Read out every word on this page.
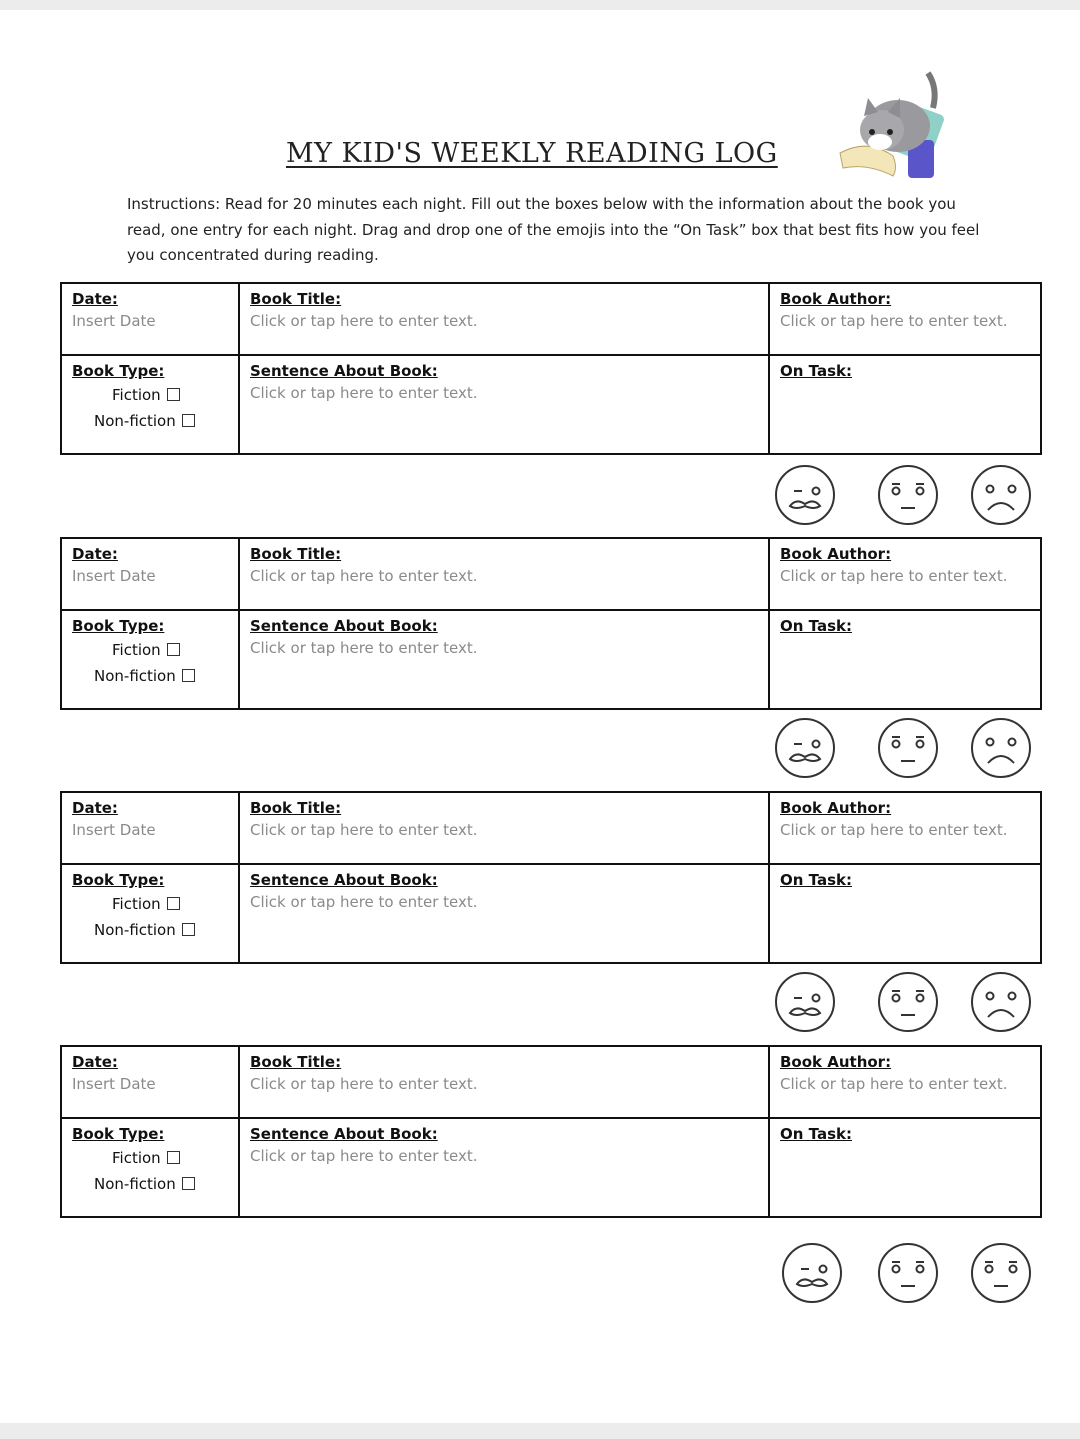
MY KID'S WEEKLY READING LOG
Instructions: Read for 20 minutes each night. Fill out the boxes below with the information about the book you read, one entry for each night. Drag and drop one of the emojis into the “On Task” box that best fits how you feel you concentrated during reading.
Date:
Insert Date
Book Title:
Click or tap here to enter text.
Book Author:
Click or tap here to enter text.
Book Type:
Fiction
Non-fiction
Sentence About Book:
Click or tap here to enter text.
On Task:
Date:
Insert Date
Book Title:
Click or tap here to enter text.
Book Author:
Click or tap here to enter text.
Book Type:
Fiction
Non-fiction
Sentence About Book:
Click or tap here to enter text.
On Task:
Date:
Insert Date
Book Title:
Click or tap here to enter text.
Book Author:
Click or tap here to enter text.
Book Type:
Fiction
Non-fiction
Sentence About Book:
Click or tap here to enter text.
On Task:
Date:
Insert Date
Book Title:
Click or tap here to enter text.
Book Author:
Click or tap here to enter text.
Book Type:
Fiction
Non-fiction
Sentence About Book:
Click or tap here to enter text.
On Task:
